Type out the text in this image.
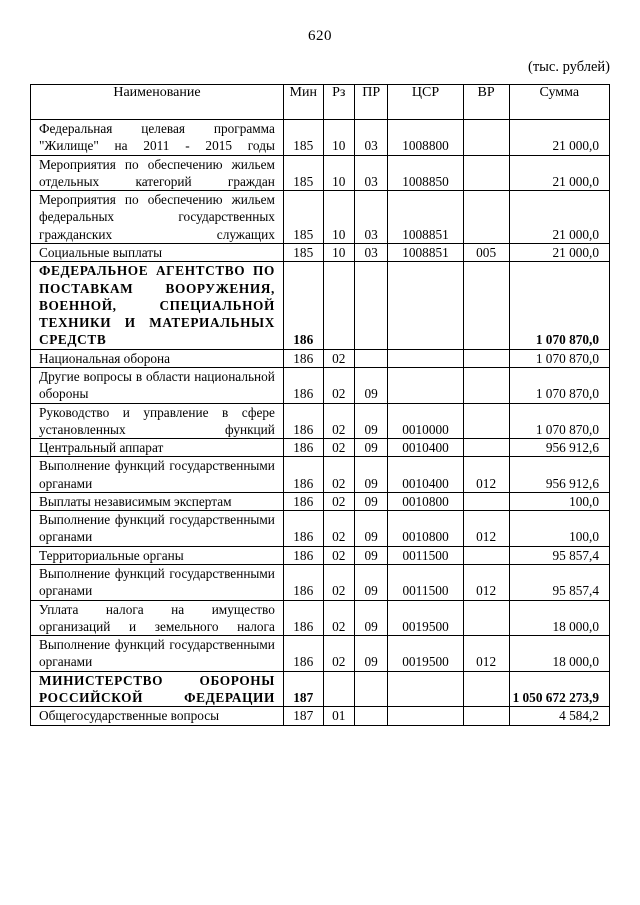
620
(тыс. рублей)
Наименование	Мин	Рз	ПР	ЦСР	ВР	Сумма
Федеральная целевая программа "Жилище" на 2011 - 2015 годы	185	10	03	1008800		21 000,0
Мероприятия по обеспечению жильем отдельных категорий граждан	185	10	03	1008850		21 000,0
Мероприятия по обеспечению жильем федеральных государственных гражданских служащих	185	10	03	1008851		21 000,0
Социальные выплаты	185	10	03	1008851	005	21 000,0
ФЕДЕРАЛЬНОЕ АГЕНТСТВО ПО ПОСТАВКАМ ВООРУЖЕНИЯ, ВОЕННОЙ, СПЕЦИАЛЬНОЙ ТЕХНИКИ И МАТЕРИАЛЬНЫХ СРЕДСТВ	186					1 070 870,0
Национальная оборона	186	02				1 070 870,0
Другие вопросы в области национальной обороны	186	02	09			1 070 870,0
Руководство и управление в сфере установленных функций	186	02	09	0010000		1 070 870,0
Центральный аппарат	186	02	09	0010400		956 912,6
Выполнение функций государственными органами	186	02	09	0010400	012	956 912,6
Выплаты независимым экспертам	186	02	09	0010800		100,0
Выполнение функций государственными органами	186	02	09	0010800	012	100,0
Территориальные органы	186	02	09	0011500		95 857,4
Выполнение функций государственными органами	186	02	09	0011500	012	95 857,4
Уплата налога на имущество организаций и земельного налога	186	02	09	0019500		18 000,0
Выполнение функций государственными органами	186	02	09	0019500	012	18 000,0
МИНИСТЕРСТВО ОБОРОНЫ РОССИЙСКОЙ ФЕДЕРАЦИИ	187					1 050 672 273,9
Общегосударственные вопросы	187	01				4 584,2
